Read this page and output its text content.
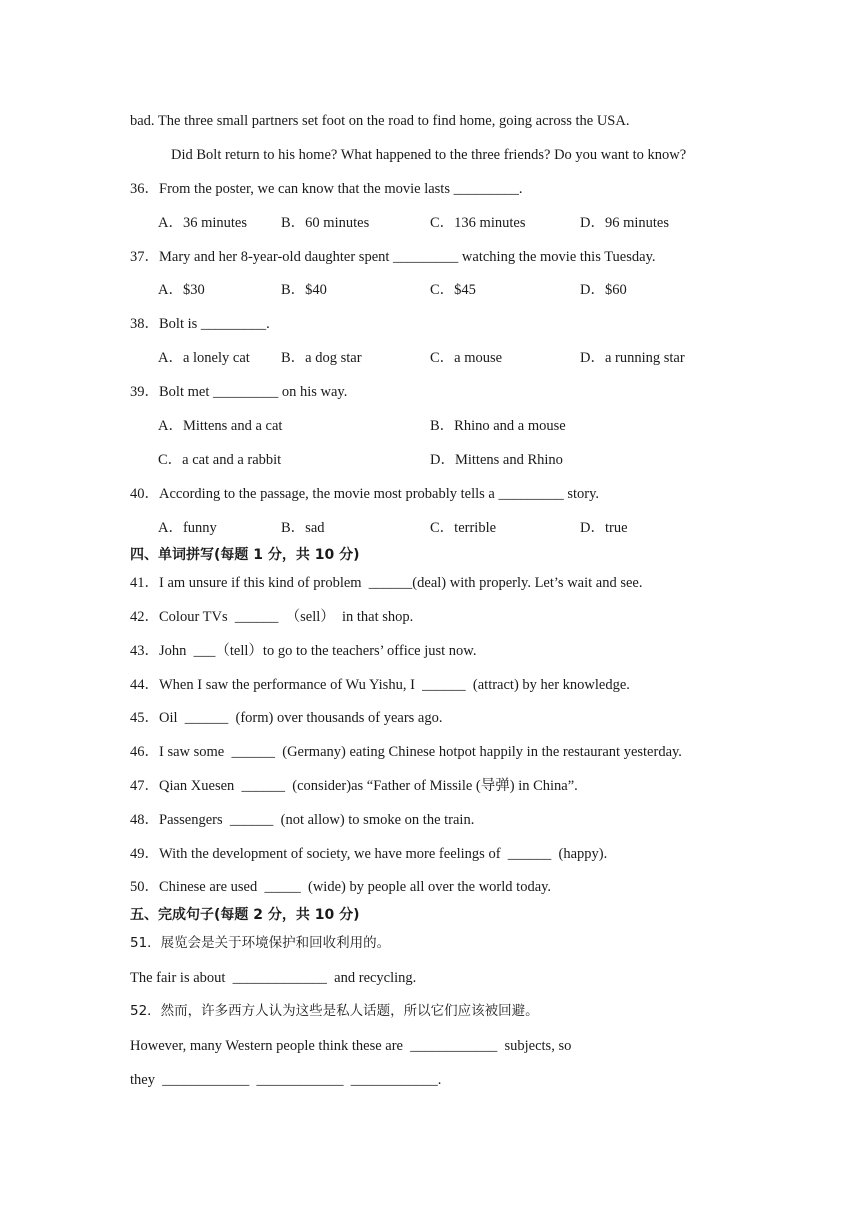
bad. The three small partners set foot on the road to find home, going across the USA.
Did Bolt return to his home? What happened to the three friends? Do you want to know?
36．From the poster, we can know that the movie lasts _________.
A．36 minutes B．60 minutes	C．136 minutes	D．96 minutes
37．Mary and her 8-year-old daughter spent _________ watching the movie this Tuesday.
A．$30	B．$40	C．$45	D．$60
38．Bolt is _________.
A．a lonely cat B．a dog star	C．a mouse	D．a running star
39．Bolt met _________ on his way.
A．Mittens and a cat	B．Rhino and a mouse
C．a cat and a rabbit	D．Mittens and Rhino
40．According to the passage, the movie most probably tells a _________ story.
A．funny	B．sad	C．terrible	D．true
四、单词拼写(每题 1 分，共 10 分)
41．I am unsure if this kind of problem  ______(deal) with properly. Let’s wait and see.
42．Colour TVs  ______  （sell）  in that shop.
43．John  ___（tell）to go to the teachers’ office just now.
44．When I saw the performance of Wu Yishu, I  ______  (attract) by her knowledge.
45．Oil  ______  (form) over thousands of years ago.
46．I saw some  ______  (Germany) eating Chinese hotpot happily in the restaurant yesterday.
47．Qian Xuesen  ______  (consider)as “Father of Missile (导弹) in China”.
48．Passengers  ______  (not allow) to smoke on the train.
49．With the development of society, we have more feelings of  ______  (happy).
50．Chinese are used  _____  (wide) by people all over the world today.
五、完成句子(每题 2 分，共 10 分)
51．展览会是关于环境保护和回收利用的。
The fair is about  _____________  and recycling.
52．然而，许多西方人认为这些是私人话题，所以它们应该被回避。
However, many Western people think these are  ____________  subjects, so
they  ____________  ____________  ____________.
